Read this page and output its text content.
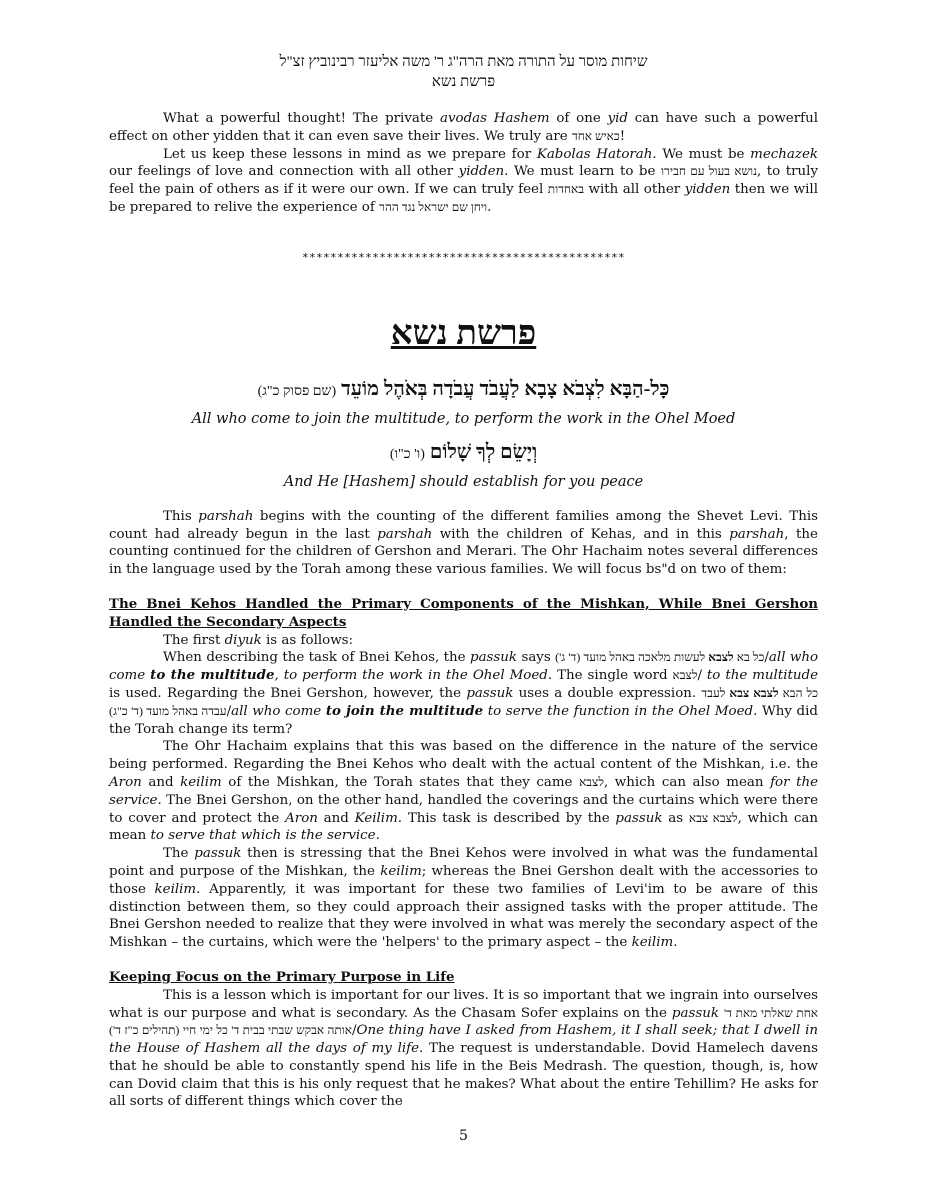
שיחות מוסר על התורה מאת הרה"ג ר' משה אליעזר רבינוביץ זצ"ל
פרשת נשא

What a powerful thought! The private avodas Hashem of one yid can have such a powerful effect on other yidden that it can even save their lives. We truly are כאיש אחד!

Let us keep these lessons in mind as we prepare for Kabolas Hatorah. We must be mechazek our feelings of love and connection with all other yidden. We must learn to be נושא בעול עם חבירו, to truly feel the pain of others as if it were our own. If we can truly feel באחדות with all other yidden then we will be prepared to relive the experience of ויחן שם ישראל נגד ההר.

**********************************************
פרשת נשא
כָּל-הַבָּא לִצְבֹא צָבָא לַעֲבֹד עֲבֹדָה בְּאֹהֶל מוֹעֵד (שם פסוק כ"ג)
All who come to join the multitude, to perform the work in the Ohel Moed
וְיָשֵׂם לְךָ שָׁלוֹם (ו' כ"ו)
And He [Hashem] should establish for you peace

This parshah begins with the counting of the different families among the Shevet Levi. This count had already begun in the last parshah with the children of Kehas, and in this parshah, the counting continued for the children of Gershon and Merari. The Ohr Hachaim notes several differences in the language used by the Torah among these various families. We will focus bs"d on two of them:

The Bnei Kehos Handled the Primary Components of the Mishkan, While Bnei Gershon Handled the Secondary Aspects

The first diyuk is as follows:

When describing the task of Bnei Kehos, the passuk says	כל בא לצבא לעשות מלאכה באהל מועד (ד' ג')	/all who come to the multitude, to perform the work in the Ohel Moed. The single word לצבא/ to the multitude is used. Regarding the Bnei Gershon, however, the passuk uses a double expression.	כל הבא לצבא צבא לעבד עבדה באהל מועד (ד' כ"ג)/all who come to join the multitude to serve the function in the Ohel Moed. Why did the Torah change its term?

The Ohr Hachaim explains that this was based on the difference in the nature of the service being performed. Regarding the Bnei Kehos who dealt with the actual content of the Mishkan, i.e. the Aron and keilim of the Mishkan, the Torah states that they came לצבא, which can also mean for the service. The Bnei Gershon, on the other hand, handled the coverings and the curtains which were there to cover and protect the Aron and Keilim. This task is described by the passuk as לצבא צבא, which can mean to serve that which is the service.

The passuk then is stressing that the Bnei Kehos were involved in what was the fundamental point and purpose of the Mishkan, the keilim; whereas the Bnei Gershon dealt with the accessories to those keilim. Apparently, it was important for these two families of Levi'im to be aware of this distinction between them, so they could approach their assigned tasks with the proper attitude. The Bnei Gershon needed to realize that they were involved in what was merely the secondary aspect of the Mishkan – the curtains, which were the 'helpers' to the primary aspect – the keilim.

Keeping Focus on the Primary Purpose in Life

This is a lesson which is important for our lives. It is so important that we ingrain into ourselves what is our purpose and what is secondary. As the Chasam Sofer explains on the passuk אחת שאלתי מאת ד' אותה אבקש שבתי בבית ד' כל ימי חיי (תהילים כ"ז ד')/One thing have I asked from Hashem, it I shall seek; that I dwell in the House of Hashem all the days of my life. The request is understandable. Dovid Hamelech davens that he should be able to constantly spend his life in the Beis Medrash. The question, though, is, how can Dovid claim that this is his only request that he makes? What about the entire Tehillim? He asks for all sorts of different things which cover the

5
